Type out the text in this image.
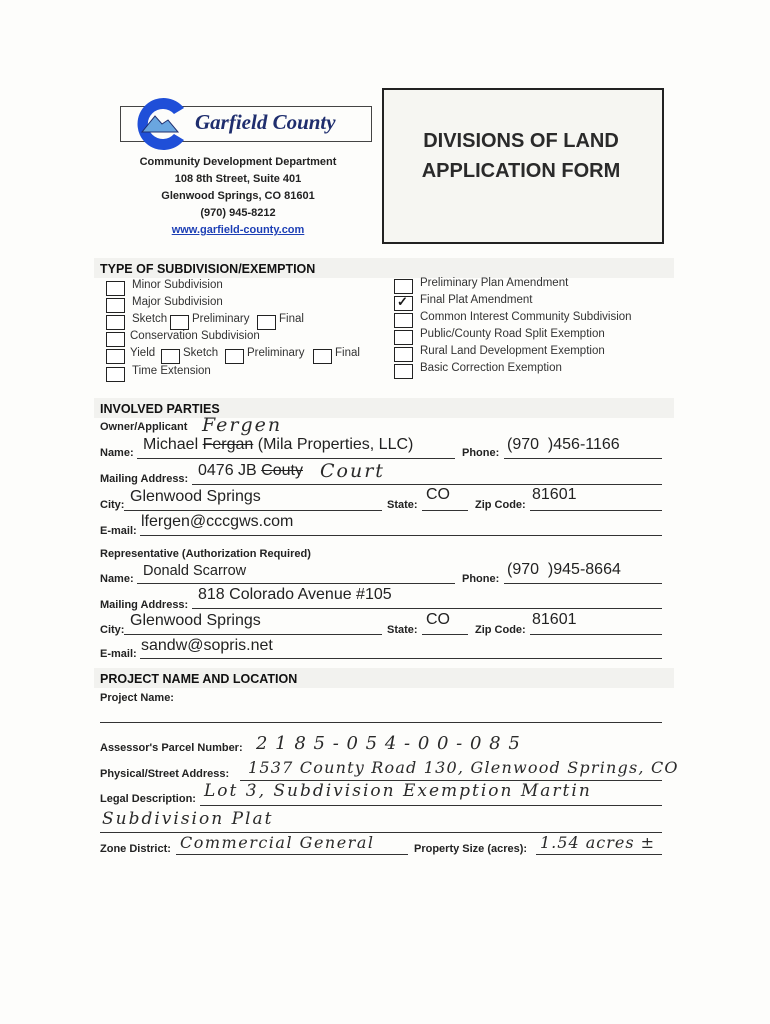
Garfield County
Community Development Department
108 8th Street, Suite 401
Glenwood Springs, CO 81601
(970) 945-8212
www.garfield-county.com
DIVISIONS OF LAND
APPLICATION FORM
TYPE OF SUBDIVISION/EXEMPTION
Minor Subdivision
Major Subdivision
Sketch Preliminary	Final
Conservation Subdivision
Yield Sketch	Preliminary	Final
Time Extension
Preliminary Plan Amendment
✓ Final Plat Amendment
Common Interest Community Subdivision
Public/County Road Split Exemption
Rural Land Development Exemption
Basic Correction Exemption
INVOLVED PARTIES
Owner/Applicant Fergen
Name: Michael Fergan (Mila Properties, LLC)	Phone: (970 )456-1166
Mailing Address: 0476 JB Couty Court
City: Glenwood Springs	State:
CO
Zip Code:
81601
E-mail:
lfergen@cccgws.com
Representative (Authorization Required)
Name: Donald Scarrow	Phone:
(970 )945-8664
Mailing Address:
818 Colorado Avenue #105
City:
Glenwood Springs
State:
CO
Zip Code:
81601
E-mail: sandw@sopris.net
PROJECT NAME AND LOCATION
Project Name:
Assessor's Parcel Number: 2 1 8 5 - 0 5 4 - 0 0 - 0 8 5
Physical/Street Address: 1537 County Road 130, Glenwood Springs, CO
Legal Description: Lot 3, Subdivision Exemption Martin
Subdivision Plat
Zone District: Commercial General	Property Size (acres): 1.54 acres ±
